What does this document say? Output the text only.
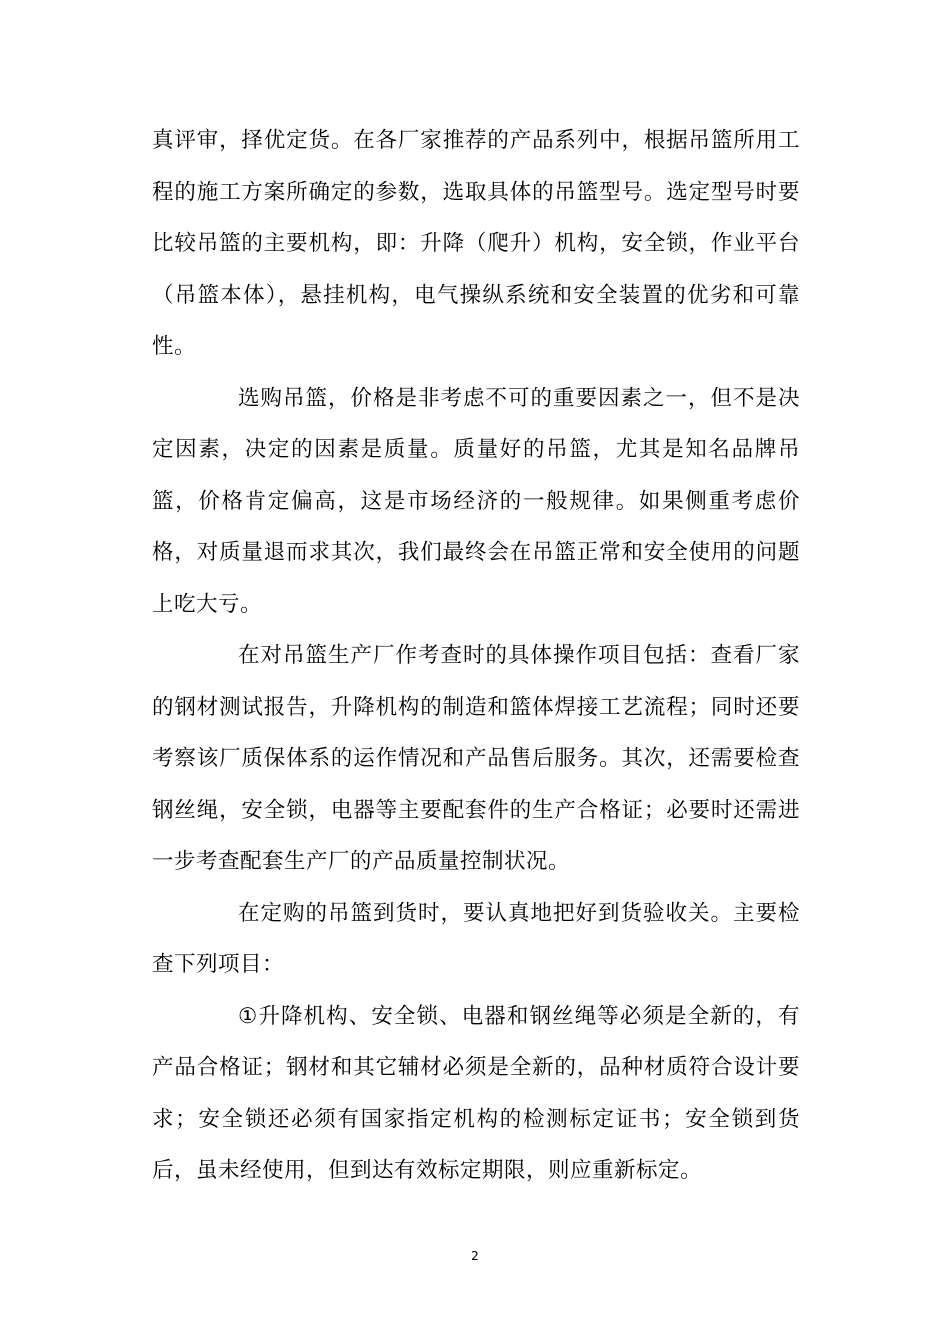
真评审，择优定货。在各厂家推荐的产品系列中，根据吊篮所用工程的施工方案所确定的参数，选取具体的吊篮型号。选定型号时要比较吊篮的主要机构，即：升降（爬升）机构，安全锁，作业平台（吊篮本体），悬挂机构，电气操纵系统和安全装置的优劣和可靠性。

选购吊篮，价格是非考虑不可的重要因素之一，但不是决定因素，决定的因素是质量。质量好的吊篮，尤其是知名品牌吊篮，价格肯定偏高，这是市场经济的一般规律。如果侧重考虑价格，对质量退而求其次，我们最终会在吊篮正常和安全使用的问题上吃大亏。

在对吊篮生产厂作考查时的具体操作项目包括：查看厂家的钢材测试报告，升降机构的制造和篮体焊接工艺流程；同时还要考察该厂质保体系的运作情况和产品售后服务。其次，还需要检查钢丝绳，安全锁，电器等主要配套件的生产合格证；必要时还需进一步考查配套生产厂的产品质量控制状况。

在定购的吊篮到货时，要认真地把好到货验收关。主要检查下列项目：

①升降机构、安全锁、电器和钢丝绳等必须是全新的，有产品合格证；钢材和其它辅材必须是全新的，品种材质符合设计要求；安全锁还必须有国家指定机构的检测标定证书；安全锁到货后，虽未经使用，但到达有效标定期限，则应重新标定。

2
